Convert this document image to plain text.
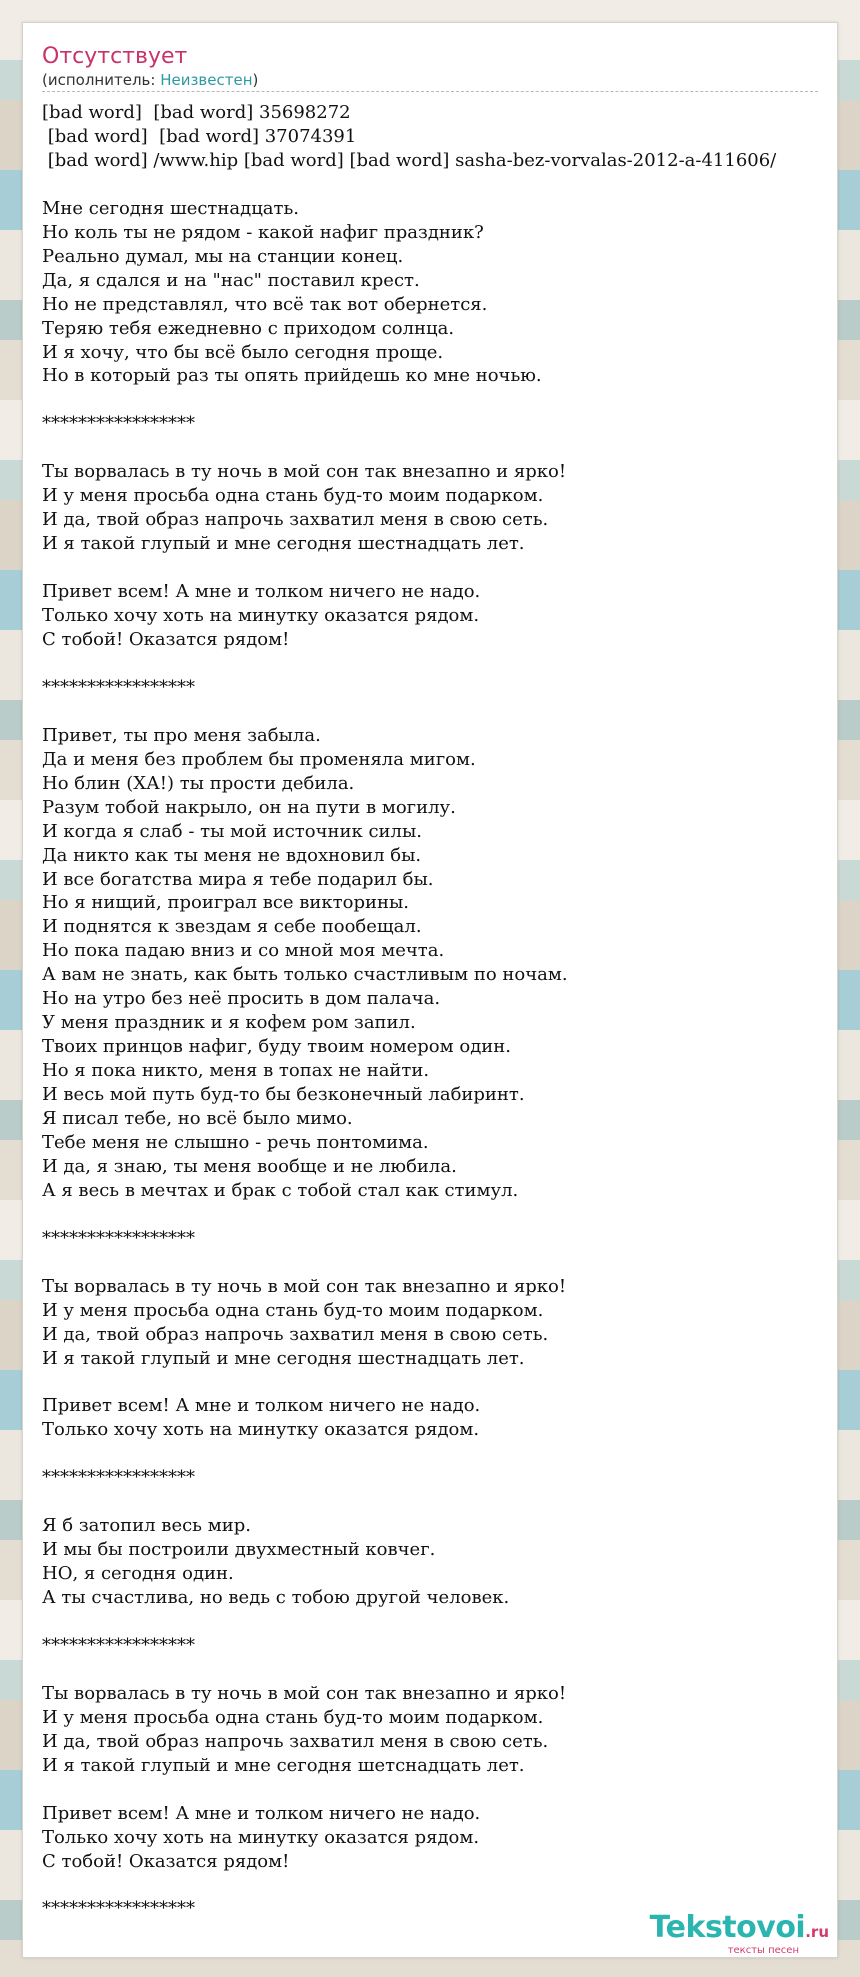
Отсутствует
(исполнитель: Неизвестен)
[bad word]  [bad word] 35698272
[bad word]  [bad word] 37074391
[bad word] /www.hip [bad word] [bad word] sasha-bez-vorvalas-2012-a-411606/

Мне сегодня шестнадцать.
Но коль ты не рядом - какой нафиг праздник?
Реально думал, мы на станции конец.
Да, я сдался и на "нас" поставил крест.
Но не представлял, что всё так вот обернется.
Теряю тебя ежедневно с приходом солнца.
И я хочу, что бы всё было сегодня проще.
Но в который раз ты опять прийдешь ко мне ночью.

*****************

Ты ворвалась в ту ночь в мой сон так внезапно и ярко!
И у меня просьба одна стань буд-то моим подарком.
И да, твой образ напрочь захватил меня в свою сеть.
И я такой глупый и мне сегодня шестнадцать лет.

Привет всем! А мне и толком ничего не надо.
Только хочу хоть на минутку оказатся рядом.
С тобой! Оказатся рядом!

*****************

Привет, ты про меня забыла.
Да и меня без проблем бы променяла мигом.
Но блин (ХА!) ты прости дебила.
Разум тобой накрыло, он на пути в могилу.
И когда я слаб - ты мой источник силы.
Да никто как ты меня не вдохновил бы.
И все богатства мира я тебе подарил бы.
Но я нищий, проиграл все викторины.
И поднятся к звездам я себе пообещал.
Но пока падаю вниз и со мной моя мечта.
А вам не знать, как быть только счастливым по ночам.
Но на утро без неё просить в дом палача.
У меня праздник и я кофем ром запил.
Твоих принцов нафиг, буду твоим номером один.
Но я пока никто, меня в топах не найти.
И весь мой путь буд-то бы безконечный лабиринт.
Я писал тебе, но всё было мимо.
Тебе меня не слышно - речь понтомима.
И да, я знаю, ты меня вообще и не любила.
А я весь в мечтах и брак с тобой стал как стимул.

*****************

Ты ворвалась в ту ночь в мой сон так внезапно и ярко!
И у меня просьба одна стань буд-то моим подарком.
И да, твой образ напрочь захватил меня в свою сеть.
И я такой глупый и мне сегодня шестнадцать лет.

Привет всем! А мне и толком ничего не надо.
Только хочу хоть на минутку оказатся рядом.

*****************

Я б затопил весь мир.
И мы бы построили двухместный ковчег.
НО, я сегодня один.
А ты счастлива, но ведь с тобою другой человек.

*****************

Ты ворвалась в ту ночь в мой сон так внезапно и ярко!
И у меня просьба одна стань буд-то моим подарком.
И да, твой образ напрочь захватил меня в свою сеть.
И я такой глупый и мне сегодня шетснадцать лет.

Привет всем! А мне и толком ничего не надо.
Только хочу хоть на минутку оказатся рядом.
С тобой! Оказатся рядом!

*****************
Tekstovoi.ru
тексты песен
